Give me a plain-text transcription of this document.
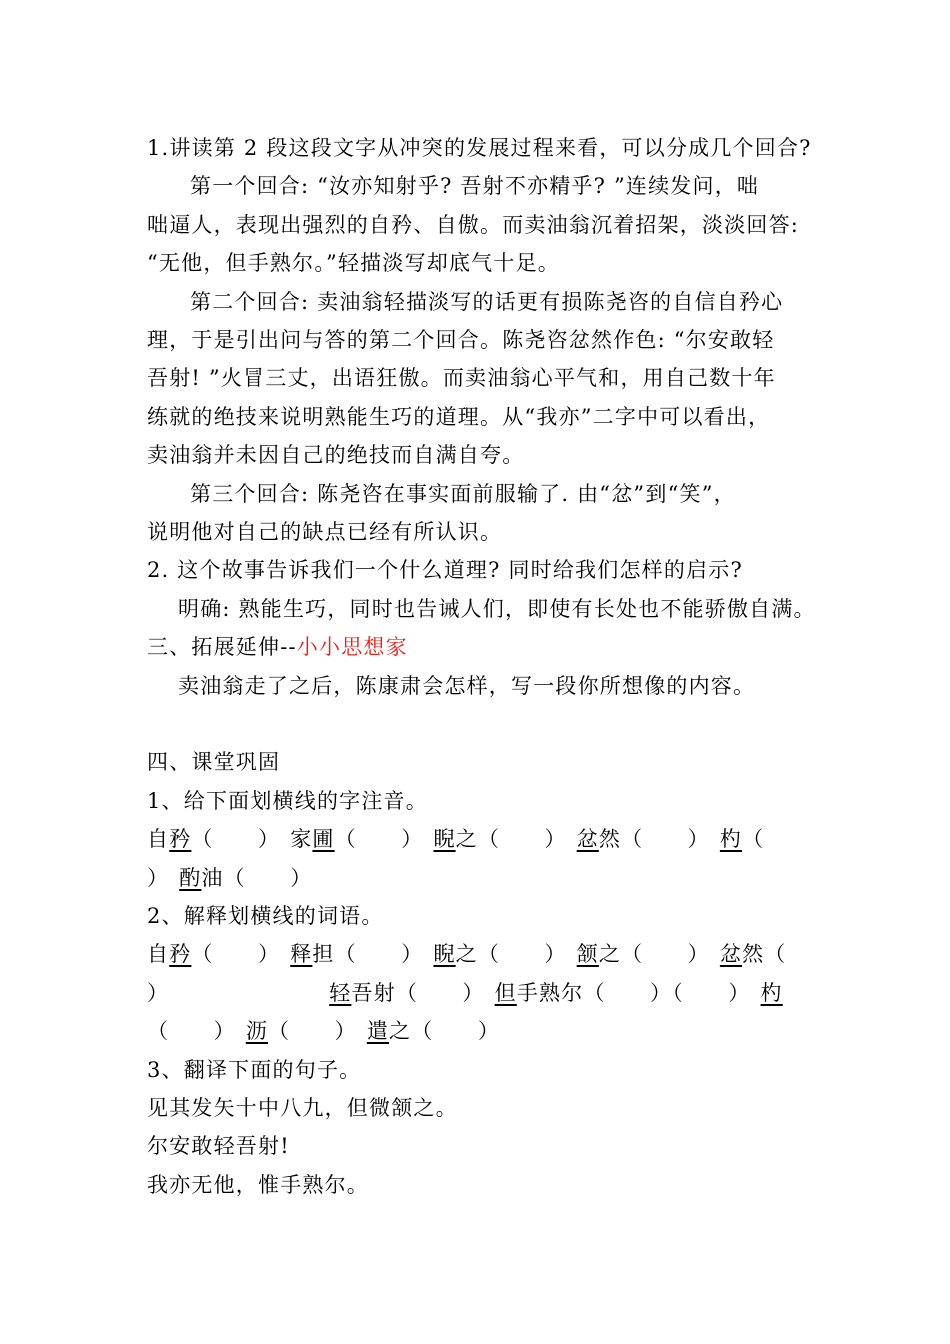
1.讲读第 2 段这段文字从冲突的发展过程来看，可以分成几个回合?
第一个回合: “汝亦知射乎? 吾射不亦精乎? ”连续发问，咄
咄逼人，表现出强烈的自矜、自傲。而卖油翁沉着招架，淡淡回答:
“无他，但手熟尔。”轻描淡写却底气十足。
第二个回合: 卖油翁轻描淡写的话更有损陈尧咨的自信自矜心
理，于是引出问与答的第二个回合。陈尧咨忿然作色: “尔安敢轻
吾射! ”火冒三丈，出语狂傲。而卖油翁心平气和，用自己数十年
练就的绝技来说明熟能生巧的道理。从“我亦”二字中可以看出，
卖油翁并未因自己的绝技而自满自夸。
第三个回合: 陈尧咨在事实面前服输了. 由“忿”到“笑”，
说明他对自己的缺点已经有所认识。
2. 这个故事告诉我们一个什么道理? 同时给我们怎样的启示?
明确: 熟能生巧，同时也告诫人们，即使有长处也不能骄傲自满。
三、拓展延伸--小小思想家
卖油翁走了之后，陈康肃会怎样，写一段你所想像的内容。
四、课堂巩固
1、给下面划横线的字注音。
自矜（　　） 家圃（　　） 睨之（　　） 忿然（　　） 杓（
） 酌油（　　）
2、解释划横线的词语。
自矜（　　） 释担（　　） 睨之（　　） 颔之（　　） 忿然（
）	轻吾射（　　） 但手熟尔（　　）（　　） 杓
（　　） 沥（　　） 遣之（　　）
3、翻译下面的句子。
见其发矢十中八九，但微颔之。
尔安敢轻吾射!
我亦无他，惟手熟尔。
